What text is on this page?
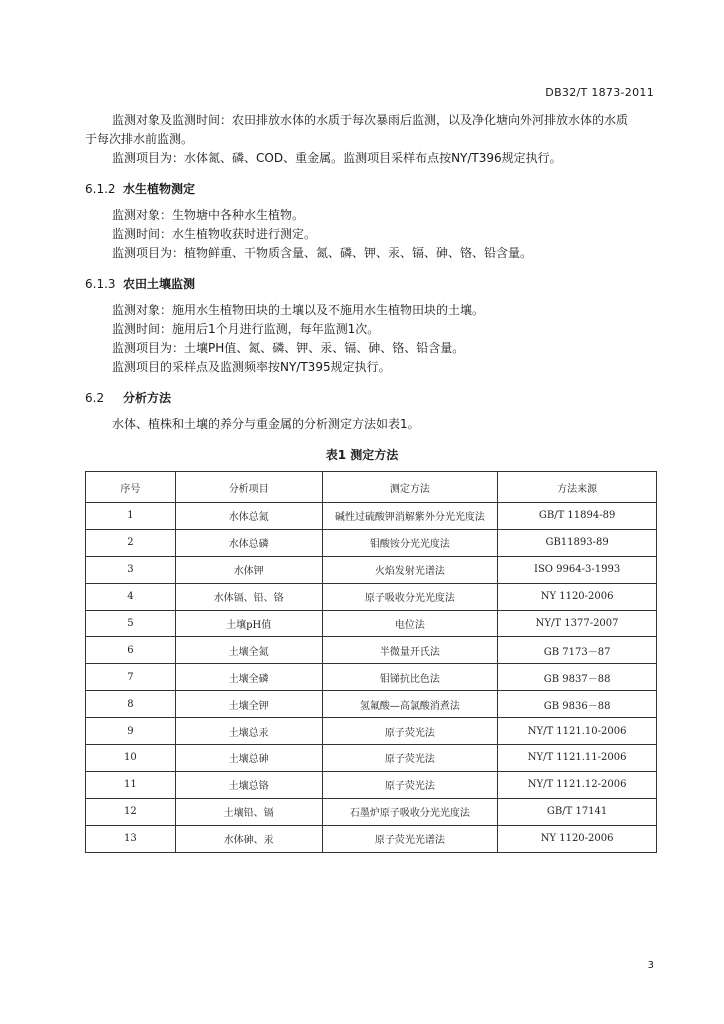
DB32/T 1873-2011
监测对象及监测时间：农田排放水体的水质于每次暴雨后监测，以及净化塘向外河排放水体的水质
于每次排水前监测。
监测项目为：水体氮、磷、COD、重金属。监测项目采样布点按NY/T396规定执行。
6.1.2 水生植物测定
监测对象：生物塘中各种水生植物。
监测时间：水生植物收获时进行测定。
监测项目为：植物鲜重、干物质含量、氮、磷、钾、汞、镉、砷、铬、铅含量。
6.1.3 农田土壤监测
监测对象：施用水生植物田块的土壤以及不施用水生植物田块的土壤。
监测时间：施用后1个月进行监测，每年监测1次。
监测项目为：土壤PH值、氮、磷、钾、汞、镉、砷、铬、铅含量。
监测项目的采样点及监测频率按NY/T395规定执行。
6.2 分析方法
水体、植株和土壤的养分与重金属的分析测定方法如表1。
表1 测定方法
序号	分析项目	测定方法	方法来源
1	水体总氮	碱性过硫酸钾消解紫外分光光度法	GB/T 11894-89
2	水体总磷	钼酸铵分光光度法	GB11893-89
3	水体钾	火焰发射光谱法	ISO 9964-3-1993
4	水体镉、铅、铬	原子吸收分光光度法	NY 1120-2006
5	土壤pH值	电位法	NY/T 1377-2007
6	土壤全氮	半微量开氏法	GB 7173－87
7	土壤全磷	钼锑抗比色法	GB 9837－88
8	土壤全钾	氢氟酸—高氯酸消煮法	GB 9836－88
9	土壤总汞	原子荧光法	NY/T 1121.10-2006
10	土壤总砷	原子荧光法	NY/T 1121.11-2006
11	土壤总铬	原子荧光法	NY/T 1121.12-2006
12	土壤铅、镉	石墨炉原子吸收分光光度法	GB/T 17141
13	水体砷、汞	原子荧光光谱法	NY 1120-2006
3
